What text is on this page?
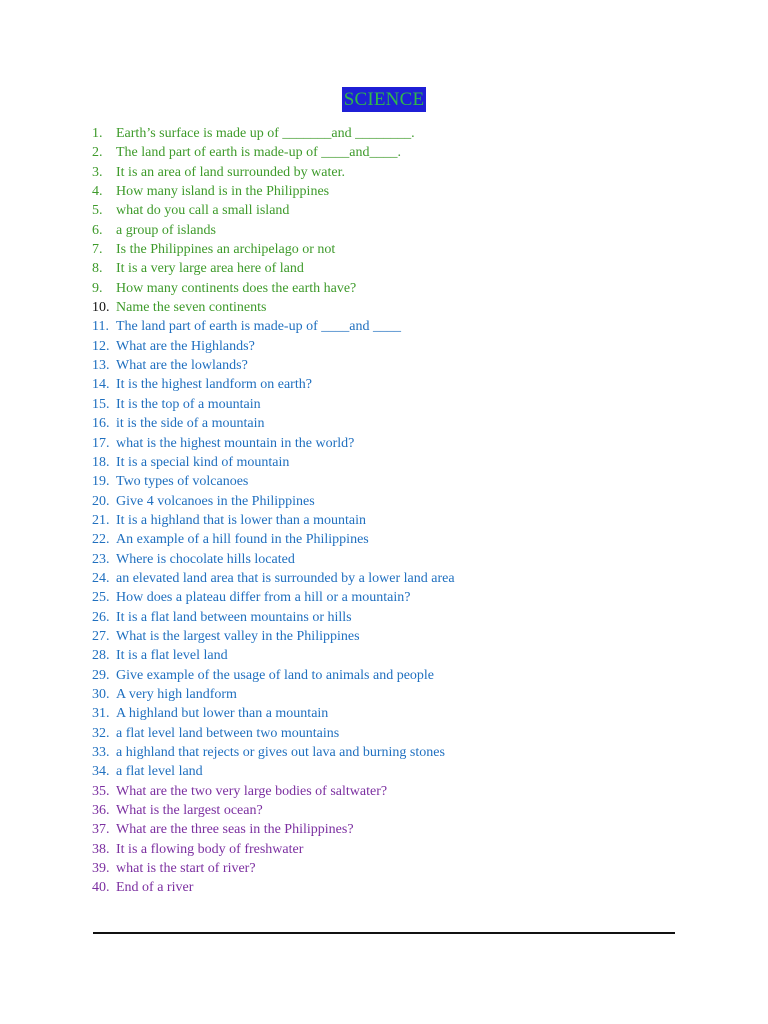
SCIENCE
1. Earth’s surface is made up of _______and ________.
2. The land part of earth is made-up of ____and____.
3. It is an area of land surrounded by water.
4. How many island is in the Philippines
5. what do you call a small island
6. a group of islands
7. Is the Philippines an archipelago or not
8. It is a very large area here of land
9. How many continents does the earth have?
10. Name the seven continents
11. The land part of earth is made-up of ____and ____
12. What are the Highlands?
13. What are the lowlands?
14. It is the highest landform on earth?
15. It is the top of a mountain
16. it is the side of a mountain
17. what is the highest mountain in the world?
18. It is a special kind of mountain
19. Two types of volcanoes
20. Give 4 volcanoes in the Philippines
21. It is a highland that is lower than a mountain
22. An example of a hill found in the Philippines
23. Where is chocolate hills located
24. an elevated land area that is surrounded by a lower land area
25. How does a plateau differ from a hill or a mountain?
26. It is a flat land between mountains or hills
27. What is the largest valley in the Philippines
28. It is a flat level land
29. Give example of the usage of land to animals and people
30. A very high landform
31. A highland but lower than a mountain
32. a flat level land between two mountains
33. a highland that rejects or gives out lava and burning stones
34. a flat level land
35. What are the two very large bodies of saltwater?
36. What is the largest ocean?
37. What are the three seas in the Philippines?
38. It is a flowing body of freshwater
39. what is the start of river?
40. End of a river
